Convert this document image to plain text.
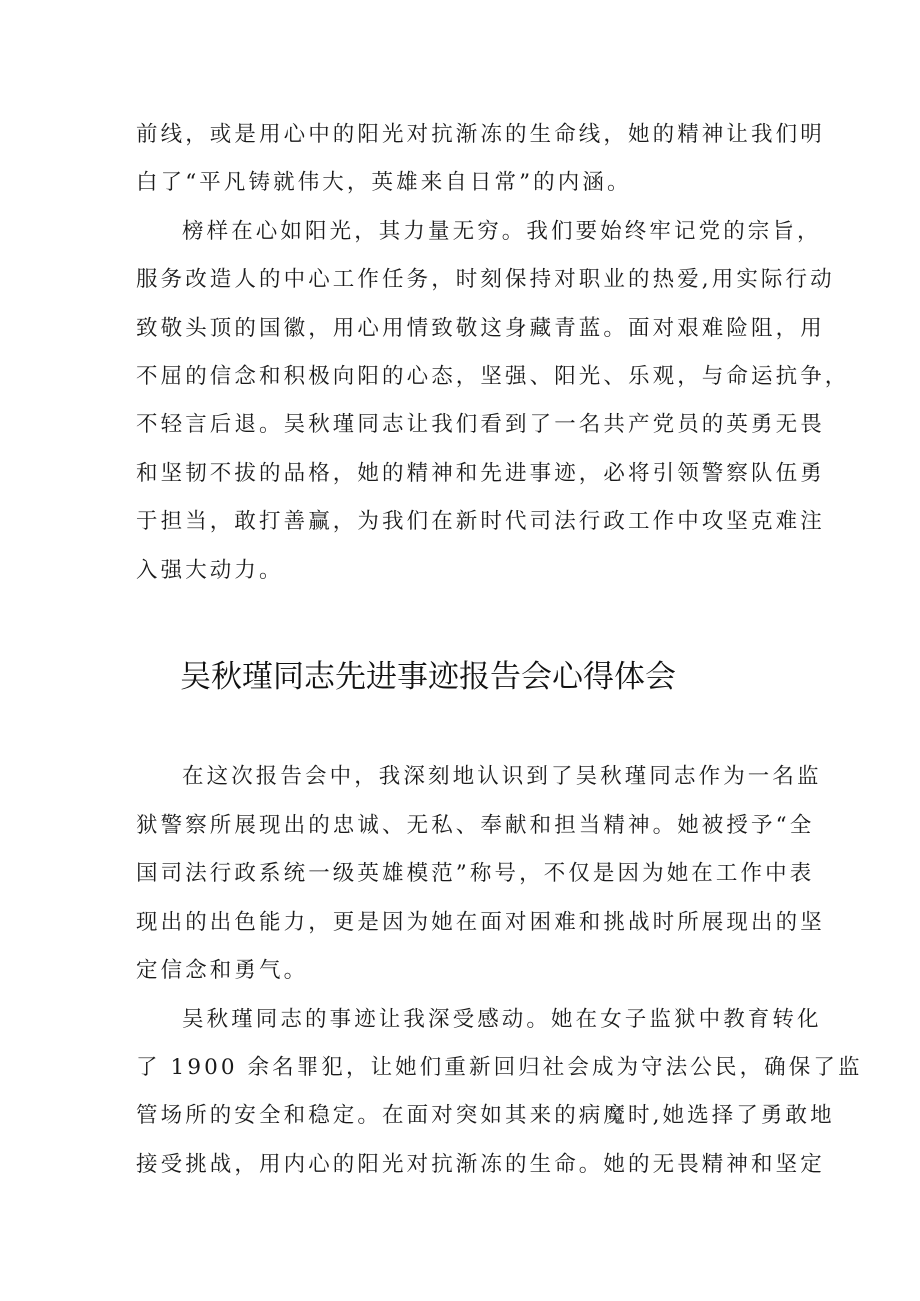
前线，或是用心中的阳光对抗渐冻的生命线，她的精神让我们明

白了“平凡铸就伟大，英雄来自日常”的内涵。

榜样在心如阳光，其力量无穷。我们要始终牢记党的宗旨，

服务改造人的中心工作任务，时刻保持对职业的热爱,用实际行动

致敬头顶的国徽，用心用情致敬这身藏青蓝。面对艰难险阻，用

不屈的信念和积极向阳的心态，坚强、阳光、乐观，与命运抗争，

不轻言后退。吴秋瑾同志让我们看到了一名共产党员的英勇无畏

和坚韧不拔的品格，她的精神和先进事迹，必将引领警察队伍勇

于担当，敢打善赢，为我们在新时代司法行政工作中攻坚克难注

入强大动力。

吴秋瑾同志先进事迹报告会心得体会

在这次报告会中，我深刻地认识到了吴秋瑾同志作为一名监

狱警察所展现出的忠诚、无私、奉献和担当精神。她被授予“全

国司法行政系统一级英雄模范”称号，不仅是因为她在工作中表

现出的出色能力，更是因为她在面对困难和挑战时所展现出的坚

定信念和勇气。

吴秋瑾同志的事迹让我深受感动。她在女子监狱中教育转化

了 1900 余名罪犯，让她们重新回归社会成为守法公民，确保了监

管场所的安全和稳定。在面对突如其来的病魔时,她选择了勇敢地

接受挑战，用内心的阳光对抗渐冻的生命。她的无畏精神和坚定
